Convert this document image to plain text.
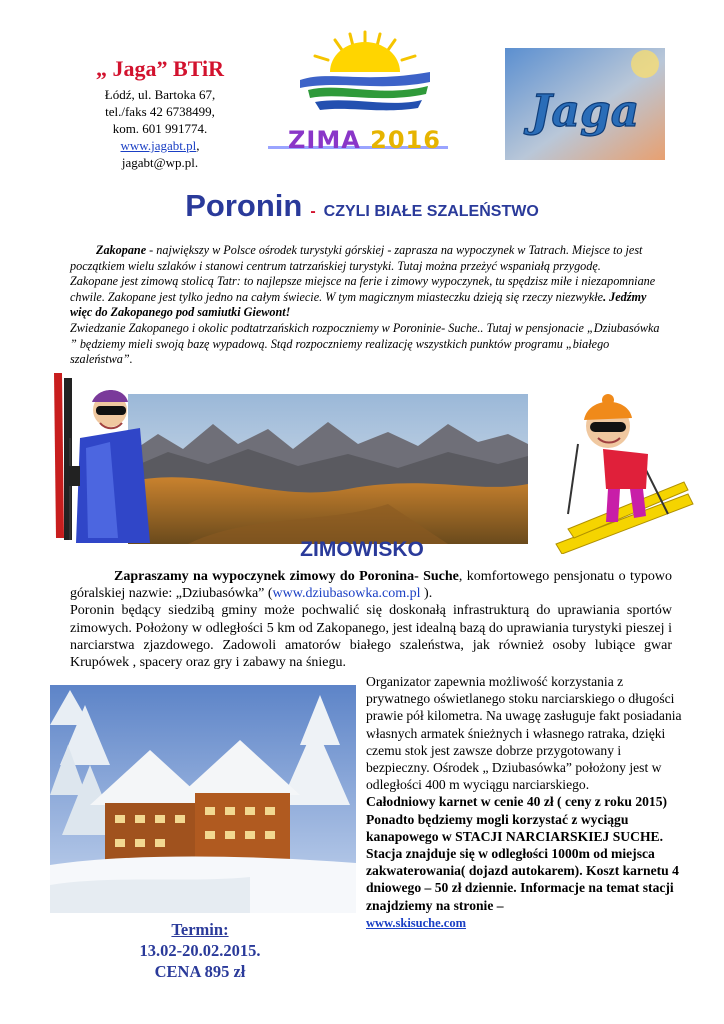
„ Jaga” BTiR
Łódź, ul. Bartoka 67,
tel./faks 42 6738499,
kom. 601 991774.
www.jagabt.pl,
jagabt@wp.pl.
ZIMA 2016
Jaga
Poronin - CZYLI BIAŁE SZALEŃSTWO

Zakopane - największy w Polsce ośrodek turystyki górskiej - zaprasza na wypoczynek w Tatrach. Miejsce to jest początkiem wielu szlaków i stanowi centrum tatrzańskiej turystyki. Tutaj można przeżyć wspaniałą przygodę.

Zakopane jest zimową stolicą Tatr: to najlepsze miejsce na ferie i zimowy wypoczynek, tu spędzisz miłe i niezapomniane chwile. Zakopane jest tylko jedno na całym świecie. W tym magicznym miasteczku dzieją się rzeczy niezwykłe. Jedźmy więc do Zakopanego pod samiutki Giewont!

Zwiedzanie Zakopanego i okolic podtatrzańskich rozpoczniemy w Poroninie- Suche.. Tutaj w pensjonacie „Dziubasówka ” będziemy mieli swoją bazę wypadową. Stąd rozpoczniemy realizację wszystkich punktów programu „białego szaleństwa”.

ZIMOWISKO

Zapraszamy na wypoczynek zimowy do Poronina- Suche, komfortowego pensjonatu o typowo góralskiej nazwie: „Dziubasówka” (www.dziubasowka.com.pl ).

Poronin będący siedzibą gminy może pochwalić się doskonałą infrastrukturą do uprawiania sportów zimowych. Położony w odległości 5 km od Zakopanego, jest idealną bazą do uprawiania turystyki pieszej i narciarstwa zjazdowego. Zadowoli amatorów białego szaleństwa, jak również osoby lubiące gwar Krupówek , spacery oraz gry i zabawy na śniegu.

Organizator zapewnia możliwość korzystania z prywatnego oświetlanego stoku narciarskiego o długości prawie pół kilometra. Na uwagę zasługuje fakt posiadania własnych armatek śnieżnych i własnego ratraka, dzięki czemu stok jest zawsze dobrze przygotowany i bezpieczny. Ośrodek „ Dziubasówka” położony jest w odległości 400 m wyciągu narciarskiego.

Całodniowy karnet w cenie 40 zł ( ceny z roku 2015)

Ponadto będziemy mogli korzystać z wyciągu kanapowego w STACJI NARCIARSKIEJ SUCHE. Stacja znajduje się w odległości 1000m od miejsca zakwaterowania( dojazd autokarem). Koszt karnetu 4 dniowego – 50 zł dziennie. Informacje na temat stacji znajdziemy na stronie –

www.skisuche.com

Termin:
13.02-20.02.2015.
CENA 895 zł
